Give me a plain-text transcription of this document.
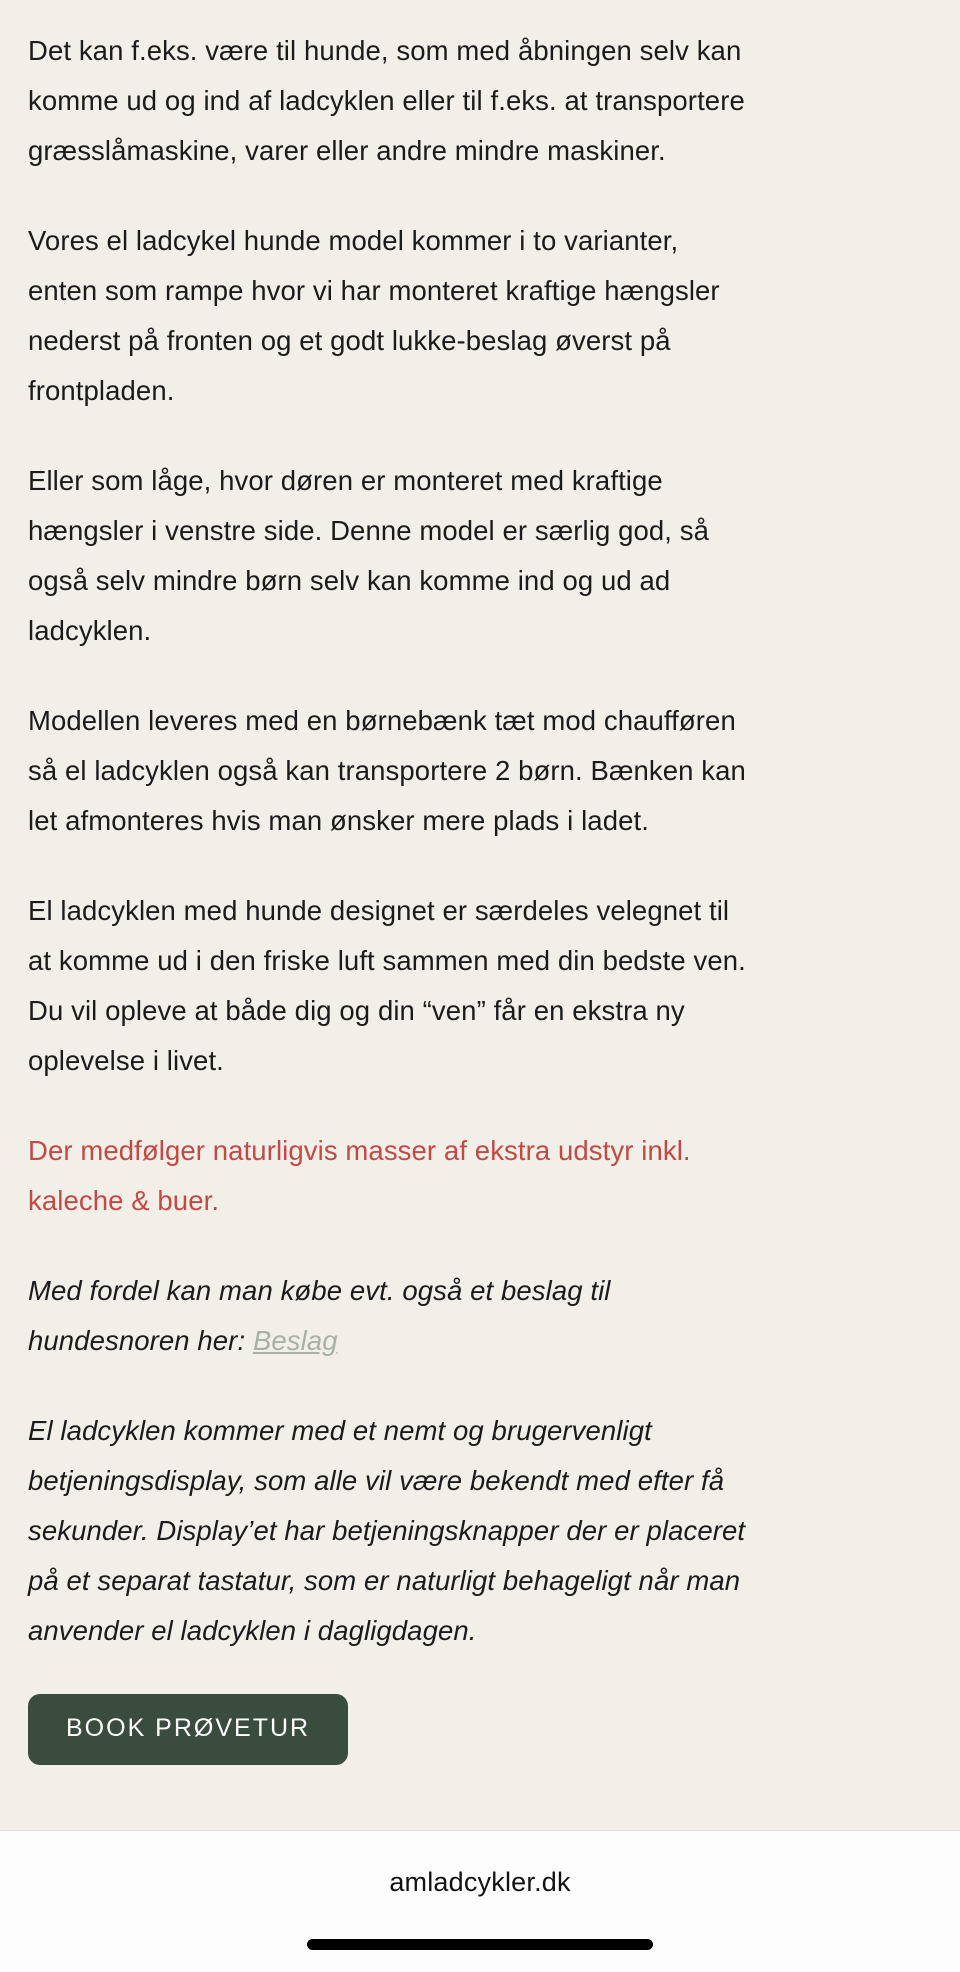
Det kan f.eks. være til hunde, som med åbningen selv kan komme ud og ind af ladcyklen eller til f.eks. at transportere græsslåmaskine, varer eller andre mindre maskiner.

Vores el ladcykel hunde model kommer i to varianter, enten som rampe hvor vi har monteret kraftige hængsler nederst på fronten og et godt lukke-beslag øverst på frontpladen.

Eller som låge, hvor døren er monteret med kraftige hængsler i venstre side. Denne model er særlig god, så også selv mindre børn selv kan komme ind og ud ad ladcyklen.

Modellen leveres med en børnebænk tæt mod chaufføren så el ladcyklen også kan transportere 2 børn. Bænken kan let afmonteres hvis man ønsker mere plads i ladet.

El ladcyklen med hunde designet er særdeles velegnet til at komme ud i den friske luft sammen med din bedste ven. Du vil opleve at både dig og din “ven” får en ekstra ny oplevelse i livet.

Der medfølger naturligvis masser af ekstra udstyr inkl. kaleche & buer.

Med fordel kan man købe evt. også et beslag til hundesnoren her: Beslag

El ladcyklen kommer med et nemt og brugervenligt betjeningsdisplay, som alle vil være bekendt med efter få sekunder. Display’et har betjeningsknapper der er placeret på et separat tastatur, som er naturligt behageligt når man anvender el ladcyklen i dagligdagen.

BOOK PRØVETUR
amladcykler.dk
